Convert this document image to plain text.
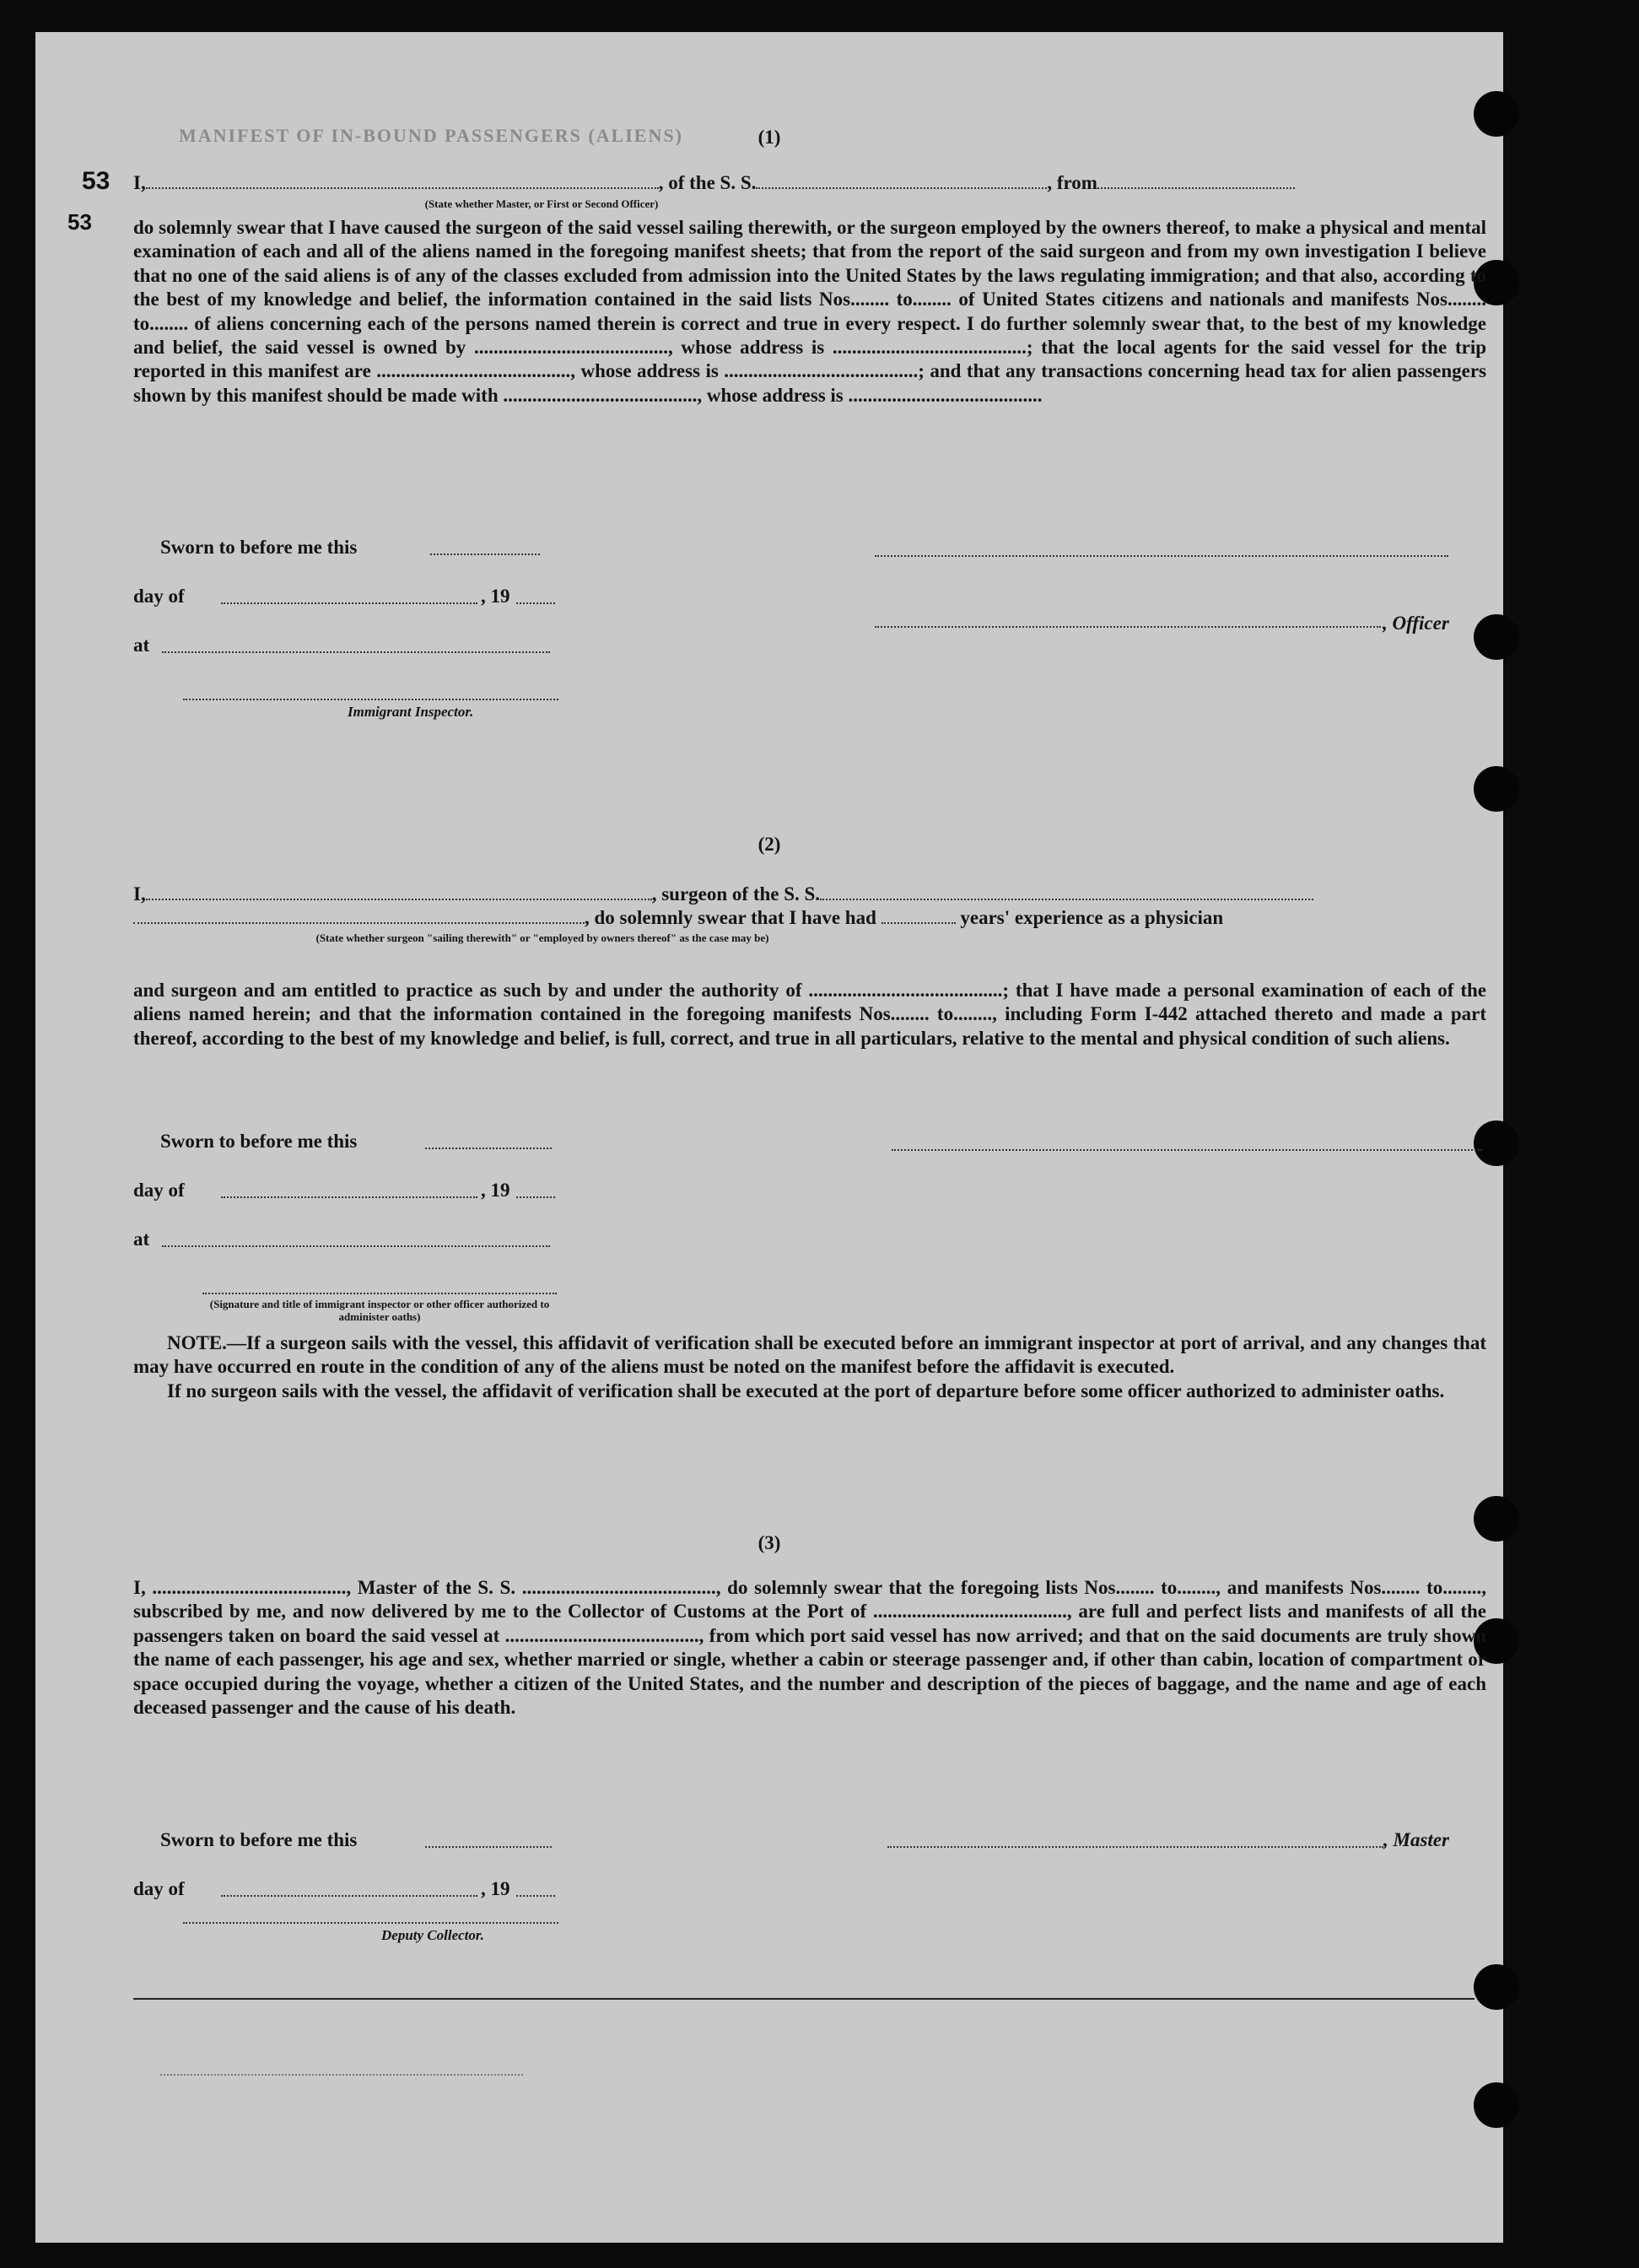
53
53
MANIFEST OF IN-BOUND PASSENGERS (ALIENS)	(1)
I,	, of the S. S.	, from
(State whether Master, or First or Second Officer)

do solemnly swear that I have caused the surgeon of the said vessel sailing therewith, or the surgeon employed by the owners thereof, to make a physical and mental examination of each and all of the aliens named in the foregoing manifest sheets; that from the report of the said surgeon and from my own investigation I believe that no one of the said aliens is of any of the classes excluded from admission into the United States by the laws regulating immigration; and that also, according to the best of my knowledge and belief, the information contained in the said lists Nos........ to........ of United States citizens and nationals and manifests Nos........ to........ of aliens concerning each of the persons named therein is correct and true in every respect. I do further solemnly swear that, to the best of my knowledge and belief, the said vessel is owned by ........................................, whose address is ........................................; that the local agents for the said vessel for the trip reported in this manifest are ........................................, whose address is ........................................; and that any transactions concerning head tax for alien passengers shown by this manifest should be made with ........................................, whose address is ........................................

Sworn to before me this
day of	, 19
at
Immigrant Inspector.
, Officer
(2)
I,	, surgeon of the S. S.
, do solemnly swear that I have had	years' experience as a physician
(State whether surgeon "sailing therewith" or "employed by owners thereof" as the case may be)

and surgeon and am entitled to practice as such by and under the authority of ........................................; that I have made a personal examination of each of the aliens named herein; and that the information contained in the foregoing manifests Nos........ to........, including Form I-442 attached thereto and made a part thereof, according to the best of my knowledge and belief, is full, correct, and true in all particulars, relative to the mental and physical condition of such aliens.

Sworn to before me this
day of	, 19
at
(Signature and title of immigrant inspector or other officer authorized to administer oaths)

NOTE.—If a surgeon sails with the vessel, this affidavit of verification shall be executed before an immigrant inspector at port of arrival, and any changes that may have occurred en route in the condition of any of the aliens must be noted on the manifest before the affidavit is executed.

If no surgeon sails with the vessel, the affidavit of verification shall be executed at the port of departure before some officer authorized to administer oaths.

(3)

I, ........................................, Master of the S. S. ........................................, do solemnly swear that the foregoing lists Nos........ to........, and manifests Nos........ to........, subscribed by me, and now delivered by me to the Collector of Customs at the Port of ........................................, are full and perfect lists and manifests of all the passengers taken on board the said vessel at ........................................, from which port said vessel has now arrived; and that on the said documents are truly shown the name of each passenger, his age and sex, whether married or single, whether a cabin or steerage passenger and, if other than cabin, location of compartment or space occupied during the voyage, whether a citizen of the United States, and the number and description of the pieces of baggage, and the name and age of each deceased passenger and the cause of his death.

Sworn to before me this
day of	, 19
Deputy Collector.
, Master
